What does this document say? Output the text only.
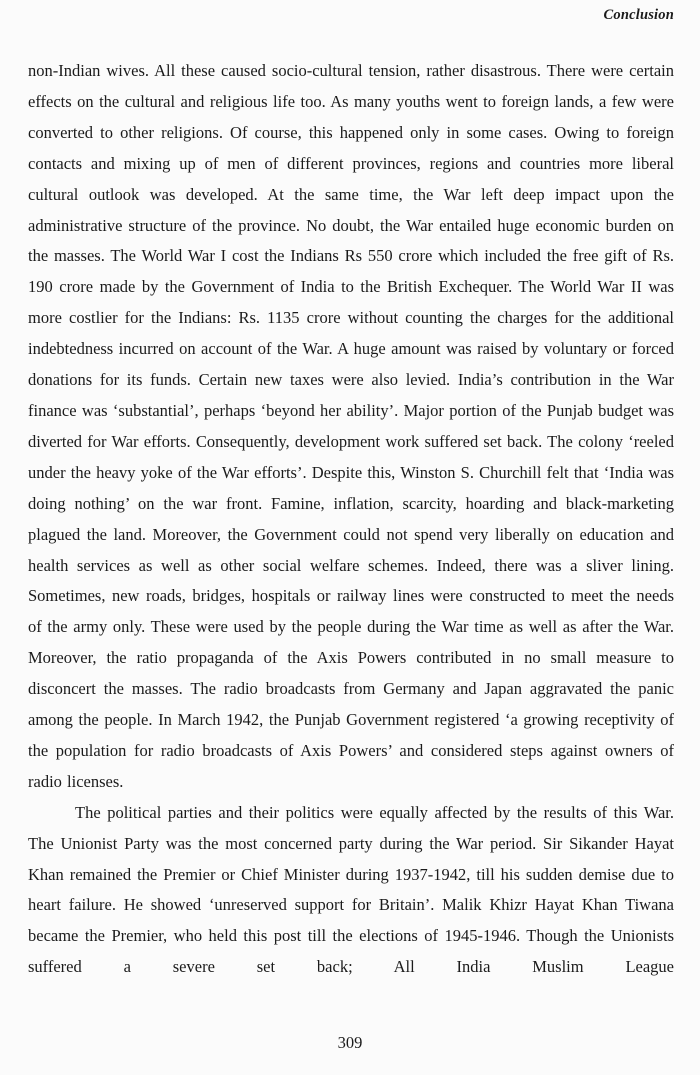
Conclusion

non-Indian wives. All these caused socio-cultural tension, rather disastrous. There were certain effects on the cultural and religious life too. As many youths went to foreign lands, a few were converted to other religions. Of course, this happened only in some cases. Owing to foreign contacts and mixing up of men of different provinces, regions and countries more liberal cultural outlook was developed. At the same time, the War left deep impact upon the administrative structure of the province. No doubt, the War entailed huge economic burden on the masses. The World War I cost the Indians Rs 550 crore which included the free gift of Rs. 190 crore made by the Government of India to the British Exchequer. The World War II was more costlier for the Indians: Rs. 1135 crore without counting the charges for the additional indebtedness incurred on account of the War. A huge amount was raised by voluntary or forced donations for its funds. Certain new taxes were also levied. India’s contribution in the War finance was ‘substantial’, perhaps ‘beyond her ability’. Major portion of the Punjab budget was diverted for War efforts. Consequently, development work suffered set back. The colony ‘reeled under the heavy yoke of the War efforts’. Despite this, Winston S. Churchill felt that ‘India was doing nothing’ on the war front. Famine, inflation, scarcity, hoarding and black-marketing plagued the land. Moreover, the Government could not spend very liberally on education and health services as well as other social welfare schemes. Indeed, there was a sliver lining. Sometimes, new roads, bridges, hospitals or railway lines were constructed to meet the needs of the army only. These were used by the people during the War time as well as after the War. Moreover, the ratio propaganda of the Axis Powers contributed in no small measure to disconcert the masses. The radio broadcasts from Germany and Japan aggravated the panic among the people. In March 1942, the Punjab Government registered ‘a growing receptivity of the population for radio broadcasts of Axis Powers’ and considered steps against owners of radio licenses.

The political parties and their politics were equally affected by the results of this War. The Unionist Party was the most concerned party during the War period. Sir Sikander Hayat Khan remained the Premier or Chief Minister during 1937-1942, till his sudden demise due to heart failure. He showed ‘unreserved support for Britain’. Malik Khizr Hayat Khan Tiwana became the Premier, who held this post till the elections of 1945-1946. Though the Unionists suffered a severe set back; All India Muslim League

309
